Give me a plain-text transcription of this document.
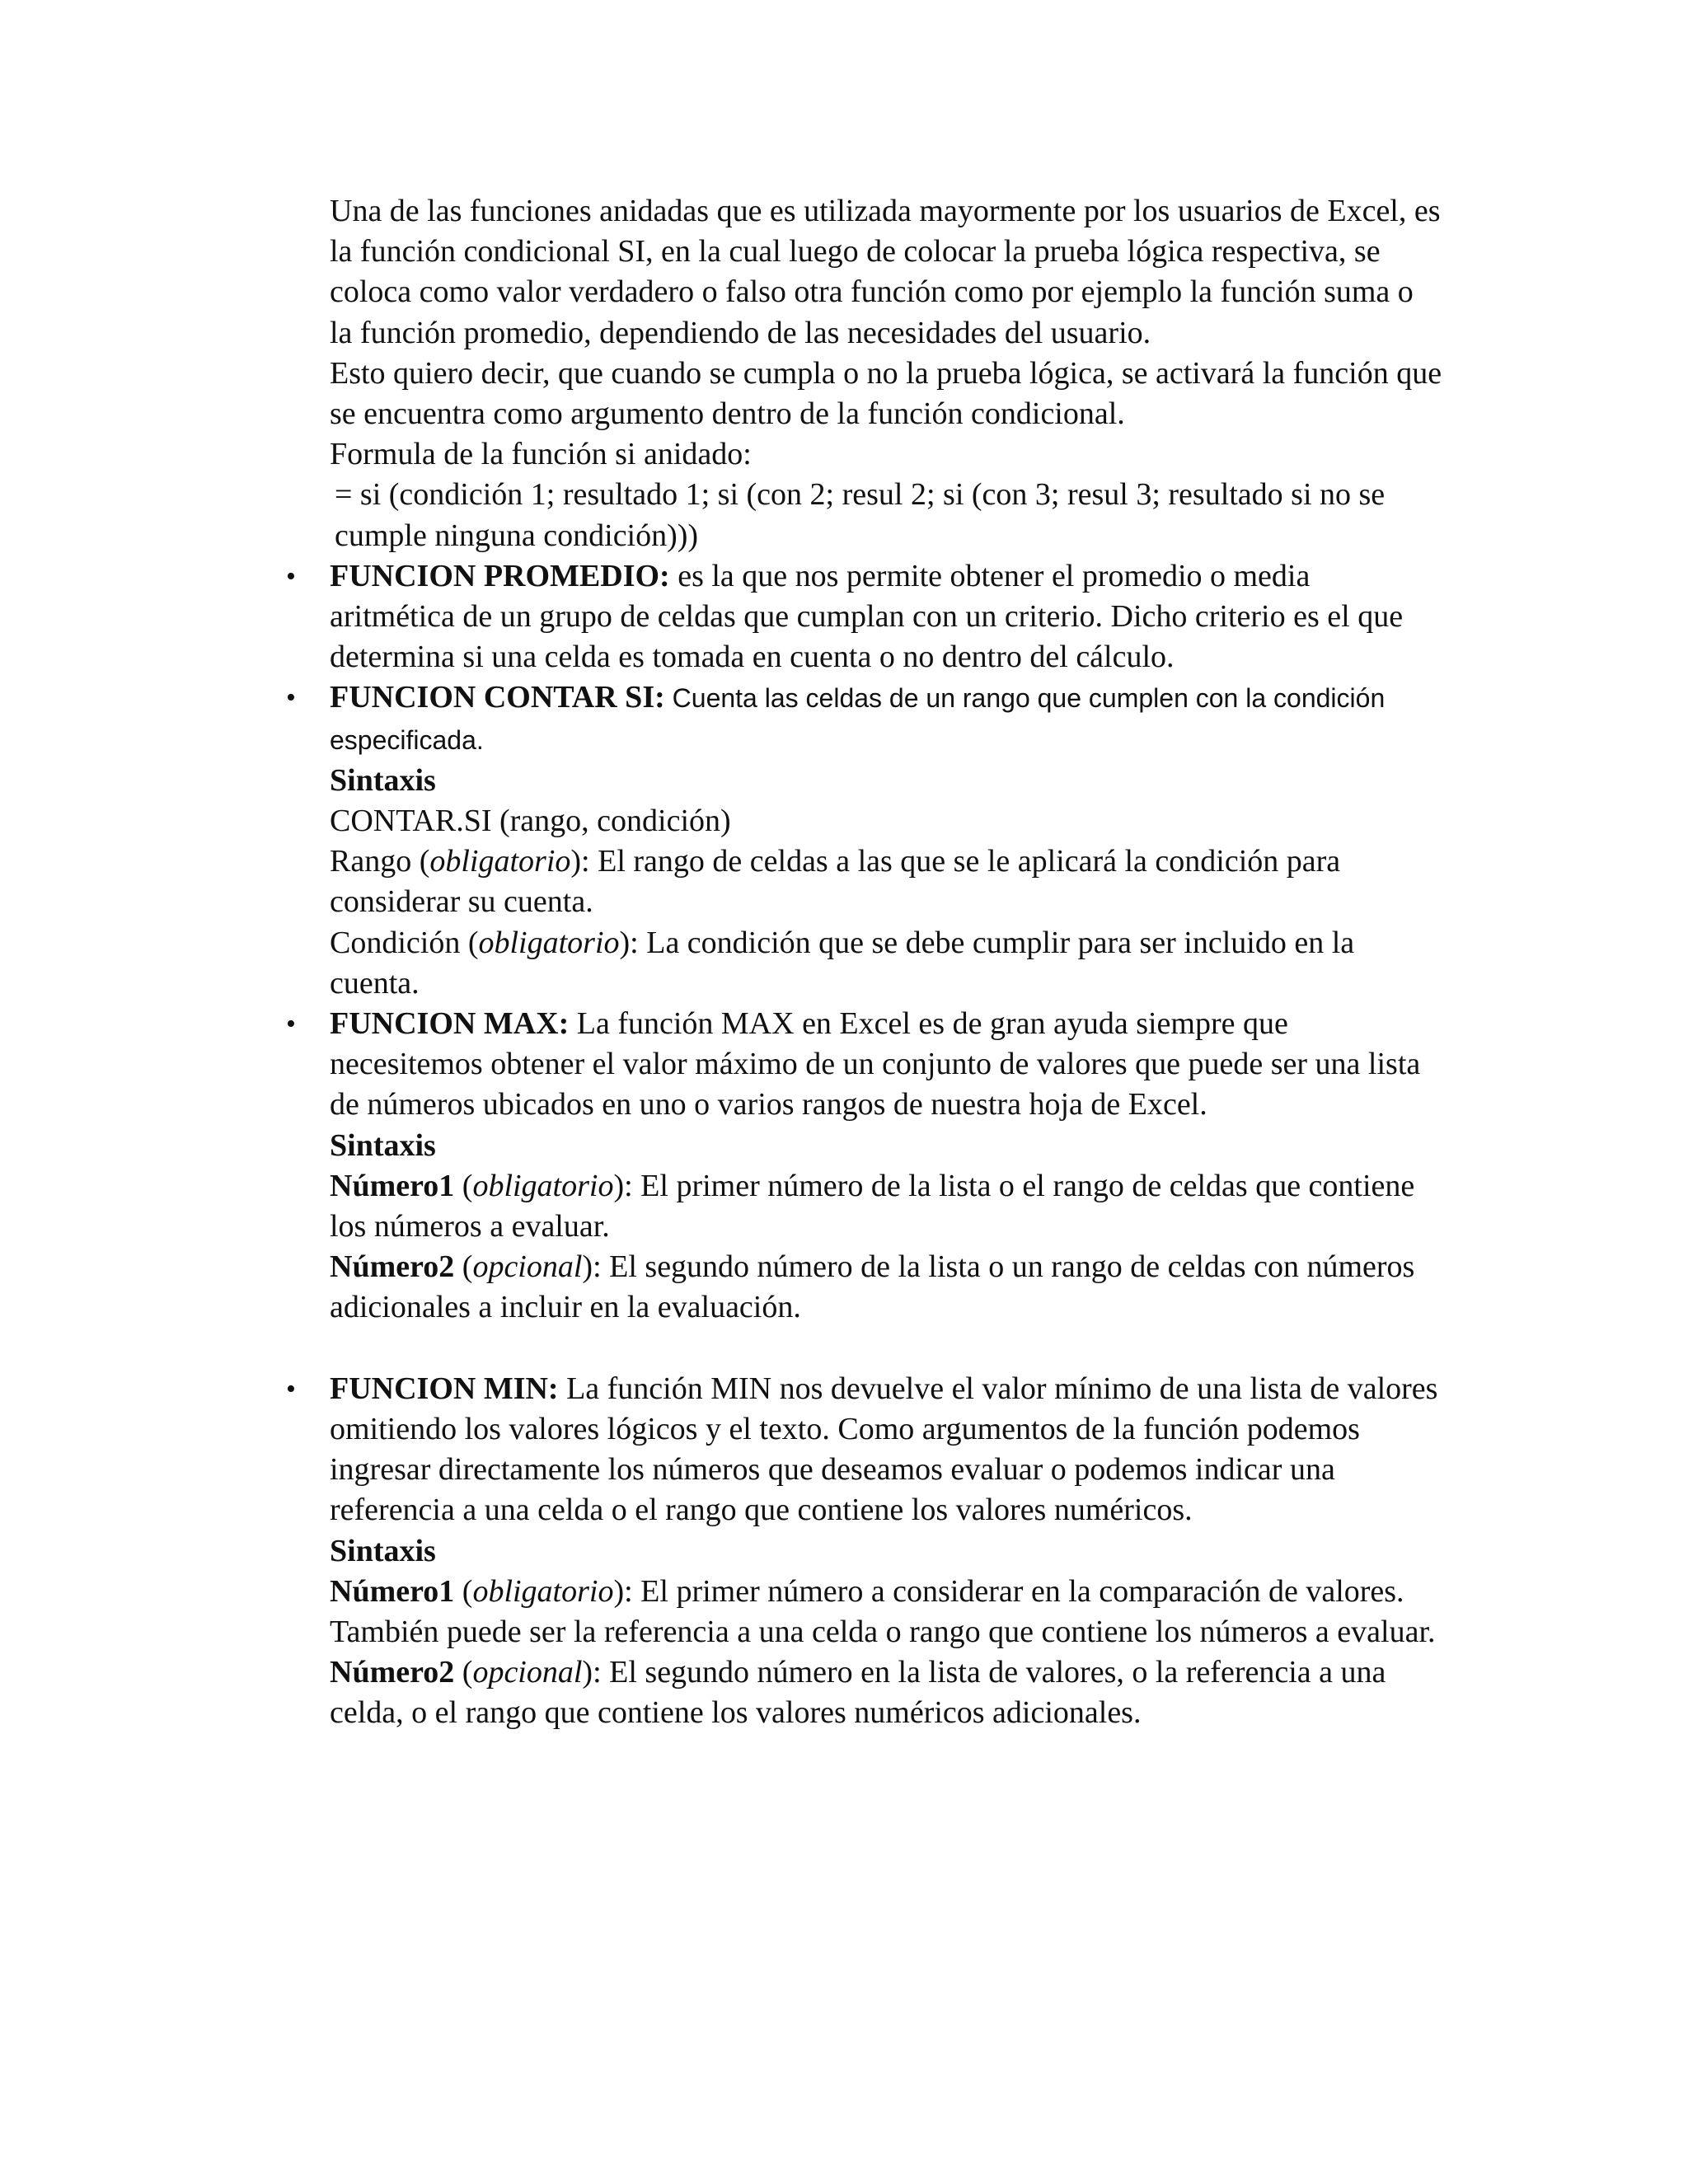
Una de las funciones anidadas que es utilizada mayormente por los usuarios de Excel, es la función condicional SI, en la cual luego de colocar la prueba lógica respectiva, se coloca como valor verdadero o falso otra función como por ejemplo la función suma o la función promedio, dependiendo de las necesidades del usuario.

Esto quiero decir, que cuando se cumpla o no la prueba lógica, se activará la función que se encuentra como argumento dentro de la función condicional.

Formula de la función si anidado:

= si (condición 1; resultado 1; si (con 2; resul 2; si (con 3; resul 3; resultado si no se cumple ninguna condición)))

• FUNCION PROMEDIO: es la que nos permite obtener el promedio o media aritmética de un grupo de celdas que cumplan con un criterio. Dicho criterio es el que determina si una celda es tomada en cuenta o no dentro del cálculo.
• FUNCION CONTAR SI: Cuenta las celdas de un rango que cumplen con la condición especificada.

Sintaxis

CONTAR.SI (rango, condición)

Rango (obligatorio): El rango de celdas a las que se le aplicará la condición para considerar su cuenta.

Condición (obligatorio): La condición que se debe cumplir para ser incluido en la cuenta.

• FUNCION MAX: La función MAX en Excel es de gran ayuda siempre que necesitemos obtener el valor máximo de un conjunto de valores que puede ser una lista de números ubicados en uno o varios rangos de nuestra hoja de Excel.

Sintaxis

Número1 (obligatorio): El primer número de la lista o el rango de celdas que contiene los números a evaluar.

Número2 (opcional): El segundo número de la lista o un rango de celdas con números adicionales a incluir en la evaluación.

• FUNCION MIN: La función MIN nos devuelve el valor mínimo de una lista de valores omitiendo los valores lógicos y el texto. Como argumentos de la función podemos ingresar directamente los números que deseamos evaluar o podemos indicar una referencia a una celda o el rango que contiene los valores numéricos.

Sintaxis

Número1 (obligatorio): El primer número a considerar en la comparación de valores. También puede ser la referencia a una celda o rango que contiene los números a evaluar.

Número2 (opcional): El segundo número en la lista de valores, o la referencia a una celda, o el rango que contiene los valores numéricos adicionales.
